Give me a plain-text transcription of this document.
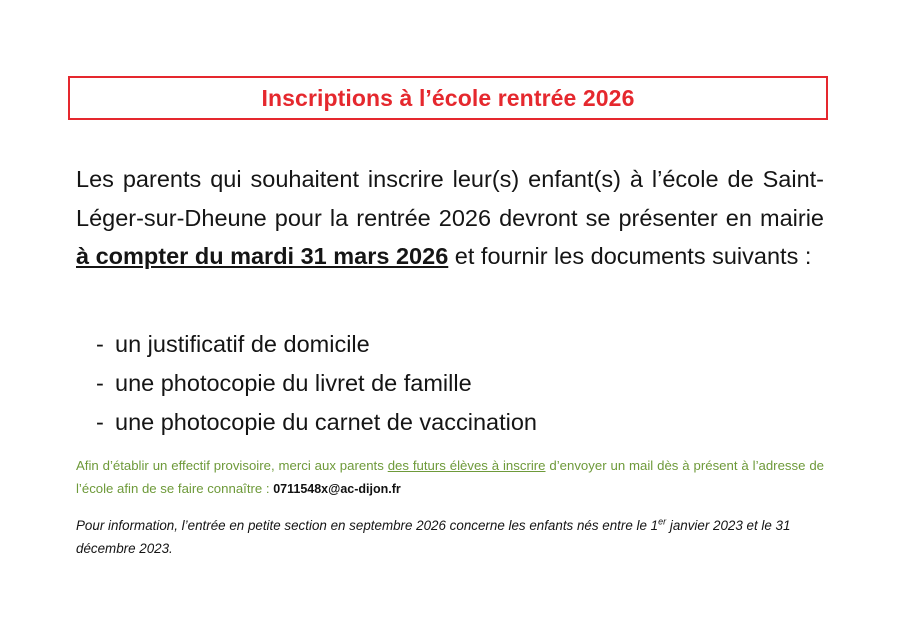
Inscriptions à l’école rentrée 2026

Les parents qui souhaitent inscrire leur(s) enfant(s) à l’école de Saint-Léger-sur-Dheune pour la rentrée 2026 devront se présenter en mairie à compter du mardi 31 mars 2026 et fournir les documents suivants :

- un justificatif de domicile
- une photocopie du livret de famille
- une photocopie du carnet de vaccination

Afin d’établir un effectif provisoire, merci aux parents des futurs élèves à inscrire d’envoyer un mail dès à présent à l’adresse de l’école afin de se faire connaître : 0711548x@ac-dijon.fr

Pour information, l’entrée en petite section en septembre 2026 concerne les enfants nés entre le 1er janvier 2023 et le 31 décembre 2023.
